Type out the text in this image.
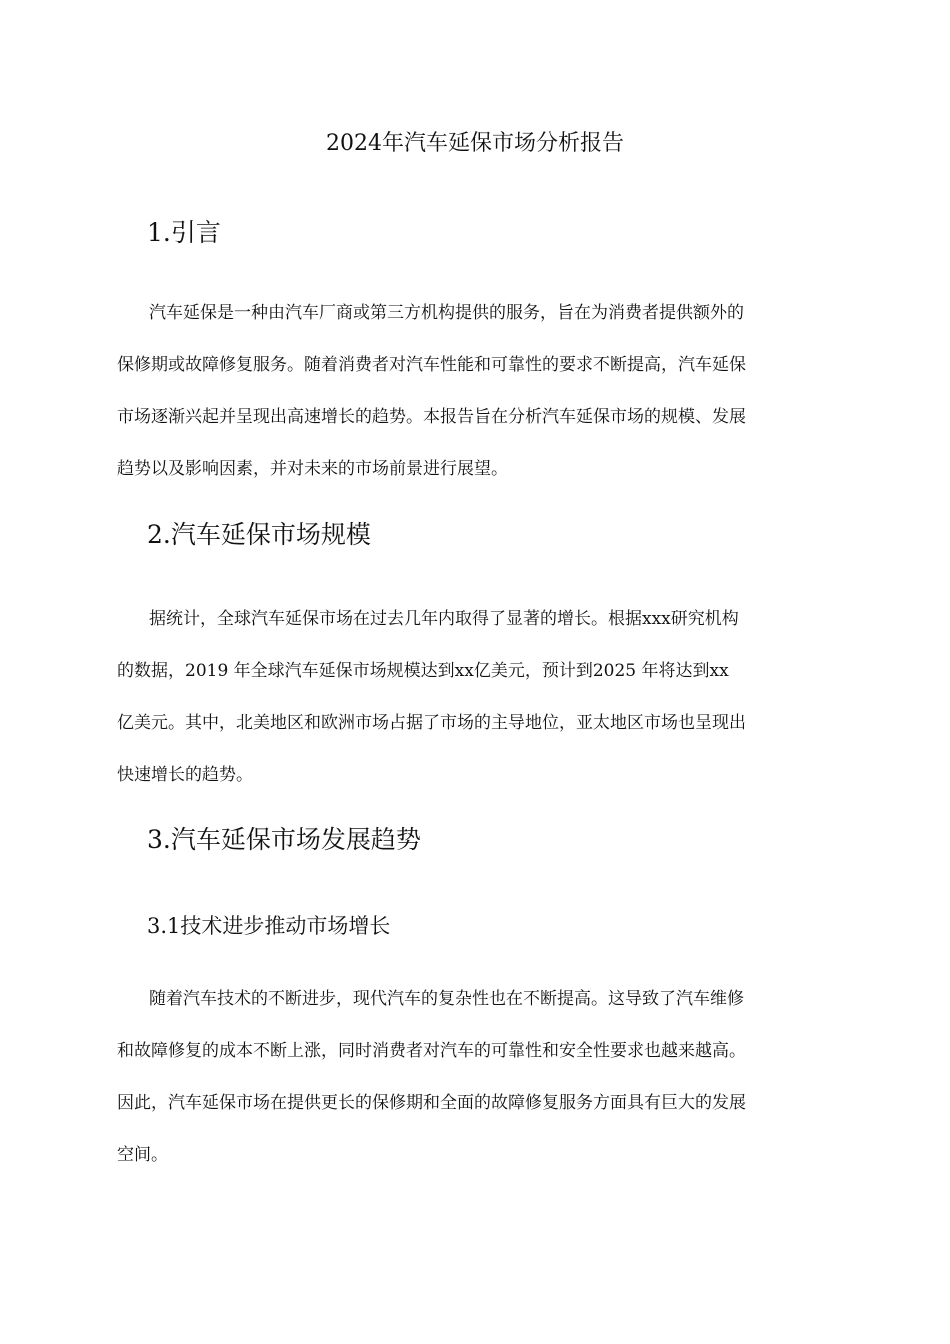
2024年汽车延保市场分析报告
1.引言
汽车延保是一种由汽车厂商或第三方机构提供的服务，旨在为消费者提供额外的
保修期或故障修复服务。随着消费者对汽车性能和可靠性的要求不断提高，汽车延保
市场逐渐兴起并呈现出高速增长的趋势。本报告旨在分析汽车延保市场的规模、发展
趋势以及影响因素，并对未来的市场前景进行展望。
2.汽车延保市场规模
据统计，全球汽车延保市场在过去几年内取得了显著的增长。根据xxx研究机构
的数据，2019 年全球汽车延保市场规模达到xx亿美元，预计到2025 年将达到xx
亿美元。其中，北美地区和欧洲市场占据了市场的主导地位，亚太地区市场也呈现出
快速增长的趋势。
3.汽车延保市场发展趋势
3.1技术进步推动市场增长
随着汽车技术的不断进步，现代汽车的复杂性也在不断提高。这导致了汽车维修
和故障修复的成本不断上涨，同时消费者对汽车的可靠性和安全性要求也越来越高。
因此，汽车延保市场在提供更长的保修期和全面的故障修复服务方面具有巨大的发展
空间。
